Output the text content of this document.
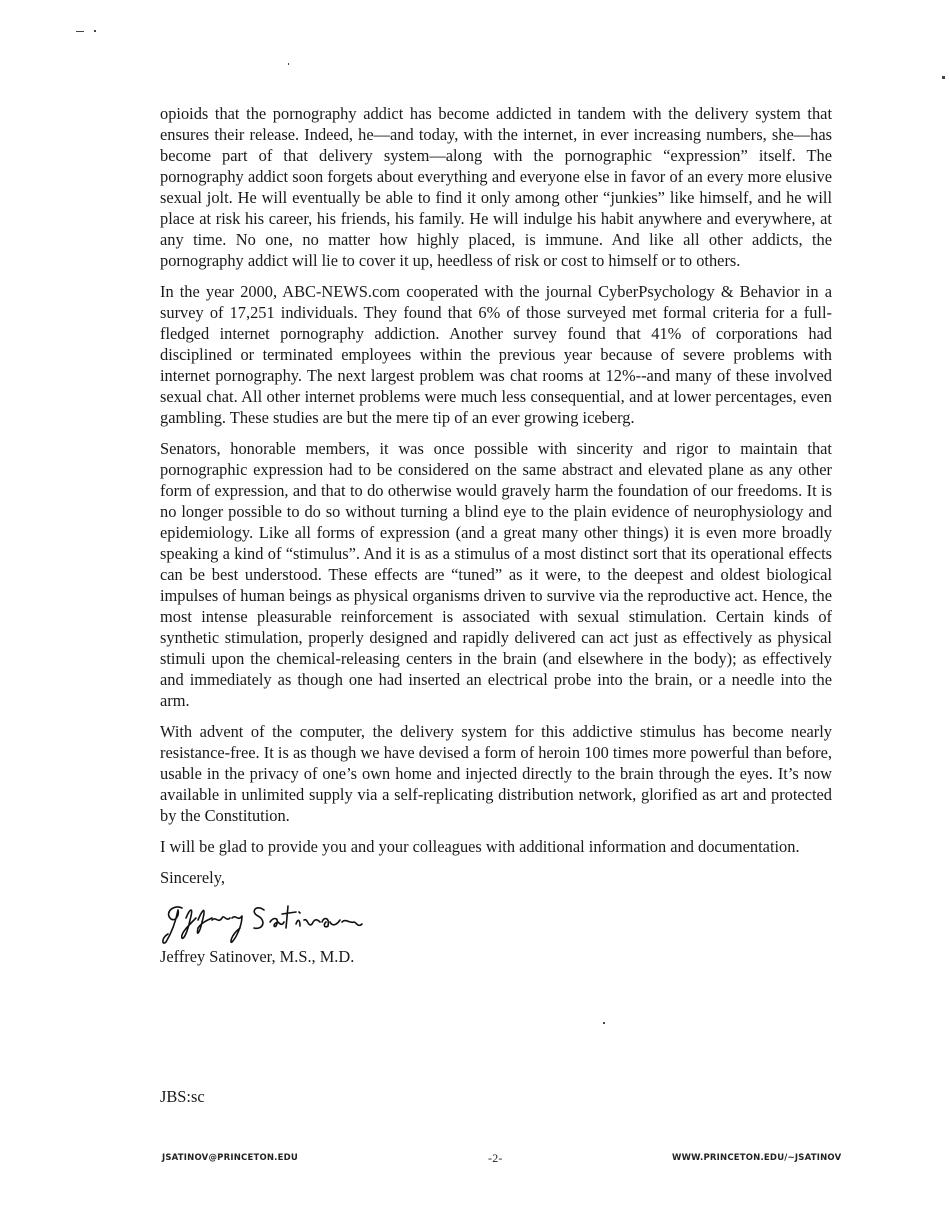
opioids that the pornography addict has become addicted in tandem with the delivery system that ensures their release. Indeed, he—and today, with the internet, in ever increasing numbers, she—has become part of that delivery system—along with the pornographic “expression” itself. The pornography addict soon forgets about everything and everyone else in favor of an every more elusive sexual jolt. He will eventually be able to find it only among other “junkies” like himself, and he will place at risk his career, his friends, his family. He will indulge his habit anywhere and everywhere, at any time. No one, no matter how highly placed, is immune. And like all other addicts, the pornography addict will lie to cover it up, heedless of risk or cost to himself or to others.

In the year 2000, ABC-NEWS.com cooperated with the journal CyberPsychology & Behavior in a survey of 17,251 individuals. They found that 6% of those surveyed met formal criteria for a full-fledged internet pornography addiction. Another survey found that 41% of corporations had disciplined or terminated employees within the previous year because of severe problems with internet pornography. The next largest problem was chat rooms at 12%--and many of these involved sexual chat. All other internet problems were much less consequential, and at lower percentages, even gambling. These studies are but the mere tip of an ever growing iceberg.

Senators, honorable members, it was once possible with sincerity and rigor to maintain that pornographic expression had to be considered on the same abstract and elevated plane as any other form of expression, and that to do otherwise would gravely harm the foundation of our freedoms. It is no longer possible to do so without turning a blind eye to the plain evidence of neurophysiology and epidemiology. Like all forms of expression (and a great many other things) it is even more broadly speaking a kind of “stimulus”. And it is as a stimulus of a most distinct sort that its operational effects can be best understood. These effects are “tuned” as it were, to the deepest and oldest biological impulses of human beings as physical organisms driven to survive via the reproductive act. Hence, the most intense pleasurable reinforcement is associated with sexual stimulation. Certain kinds of synthetic stimulation, properly designed and rapidly delivered can act just as effectively as physical stimuli upon the chemical-releasing centers in the brain (and elsewhere in the body); as effectively and immediately as though one had inserted an electrical probe into the brain, or a needle into the arm.

With advent of the computer, the delivery system for this addictive stimulus has become nearly resistance-free. It is as though we have devised a form of heroin 100 times more powerful than before, usable in the privacy of one’s own home and injected directly to the brain through the eyes. It’s now available in unlimited supply via a self-replicating distribution network, glorified as art and protected by the Constitution.

I will be glad to provide you and your colleagues with additional information and documentation.

Sincerely,

Jeffrey Satinover, M.S., M.D.

JBS:sc
JSATINOV@PRINCETON.EDU	-2-	WWW.PRINCETON.EDU/~JSATINOV
